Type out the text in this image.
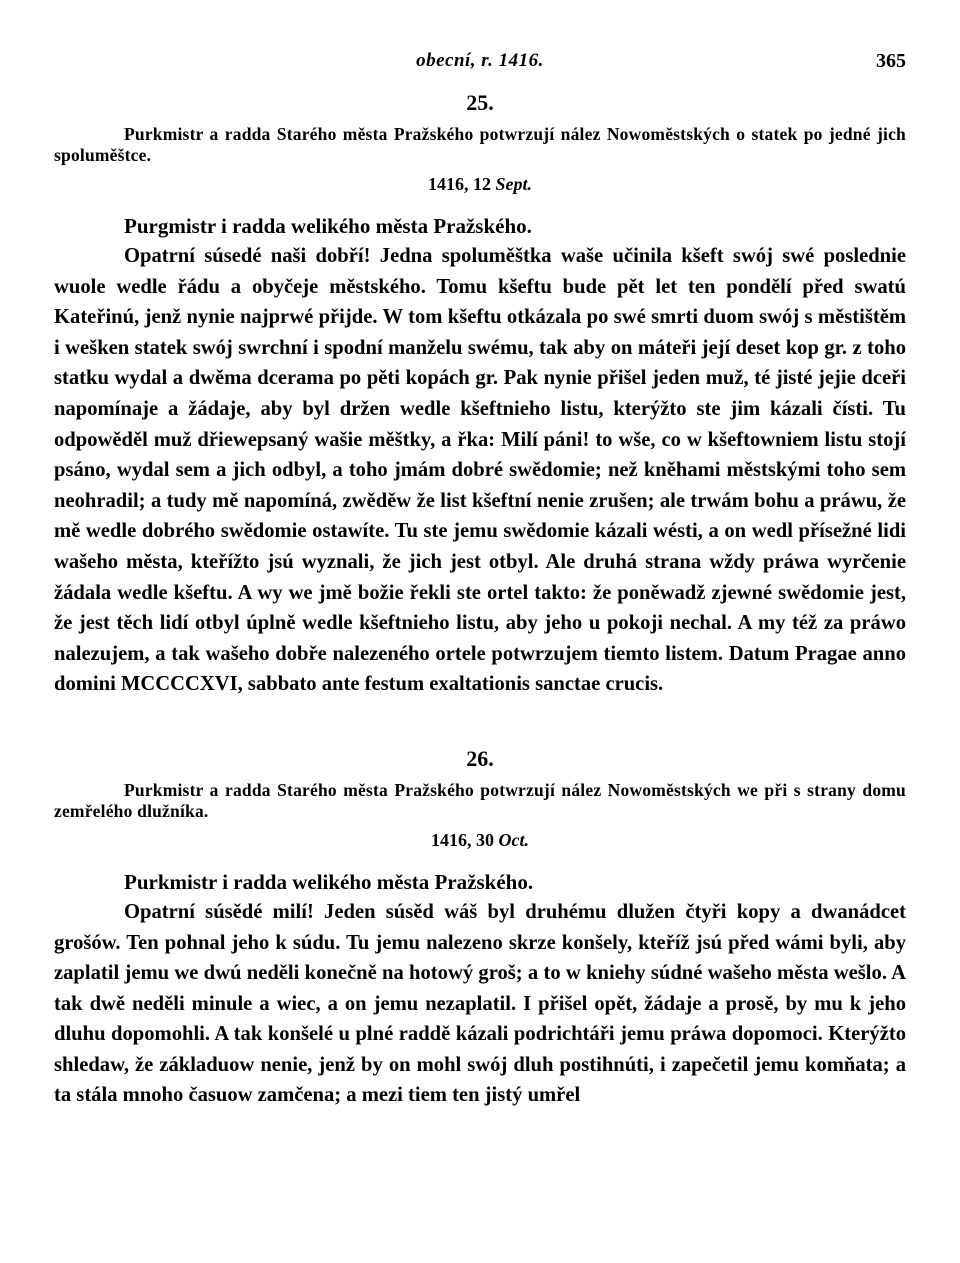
obecní, r. 1416.	365
25.
Purkmistr a radda Starého města Pražského potwrzují nález Nowoměstských o statek po jedné jich spoluměštce.
1416, 12 Sept.
Purgmistr i radda welikého města Pražského.

Opatrní súsedé naši dobří! Jedna spoluměštka waše učinila kšeft swój swé poslednie wuole wedle řádu a obyčeje městského. Tomu kšeftu bude pět let ten pondělí před swatú Kateřinú, jenž nynie najprwé přijde. W tom kšeftu otkázala po swé smrti duom swój s městištěm i wešken statek swój swrchní i spodní manželu swému, tak aby on máteři její deset kop gr. z toho statku wydal a dwěma dcerama po pěti kopách gr. Pak nynie přišel jeden muž, té jisté jejie dceři napomínaje a žádaje, aby byl držen wedle kšeftnieho listu, kterýžto ste jim kázali čísti. Tu odpowěděl muž dřiewepsaný wašie měštky, a řka: Milí páni! to wše, co w kšeftowniem listu stojí psáno, wydal sem a jich odbyl, a toho jmám dobré swědomie; než kněhami městskými toho sem neohradil; a tudy mě napomíná, zwěděw že list kšeftní nenie zrušen; ale trwám bohu a práwu, že mě wedle dobrého swědomie ostawíte. Tu ste jemu swědomie kázali wésti, a on wedl přísežné lidi wašeho města, kteřížto jsú wyznali, že jich jest otbyl. Ale druhá strana wždy práwa wyrčenie žádala wedle kšeftu. A wy we jmě božie řekli ste ortel takto: že poněwadž zjewné swědomie jest, že jest těch lidí otbyl úplně wedle kšeftnieho listu, aby jeho u pokoji nechal. A my též za práwo nalezujem, a tak wašeho dobře nalezeného ortele potwrzujem tiemto listem. Datum Pragae anno domini MCCCCXVI, sabbato ante festum exaltationis sanctae crucis.

26.
Purkmistr a radda Starého města Pražského potwrzují nález Nowoměstských we při s strany domu zemřelého dlužníka.
1416, 30 Oct.
Purkmistr i radda welikého města Pražského.

Opatrní súsědé milí! Jeden súsěd wáš byl druhému dlužen čtyři kopy a dwanádcet grošów. Ten pohnal jeho k súdu. Tu jemu nalezeno skrze konšely, kteříž jsú před wámi byli, aby zaplatil jemu we dwú neděli konečně na hotowý groš; a to w kniehy súdné wašeho města wešlo. A tak dwě neděli minule a wiec, a on jemu nezaplatil. I přišel opět, žádaje a prosě, by mu k jeho dluhu dopomohli. A tak konšelé u plné raddě kázali podrichtáři jemu práwa dopomoci. Kterýžto shledaw, že základuow nenie, jenž by on mohl swój dluh postihnúti, i zapečetil jemu komňata; a ta stála mnoho časuow zamčena; a mezi tiem ten jistý umřel
